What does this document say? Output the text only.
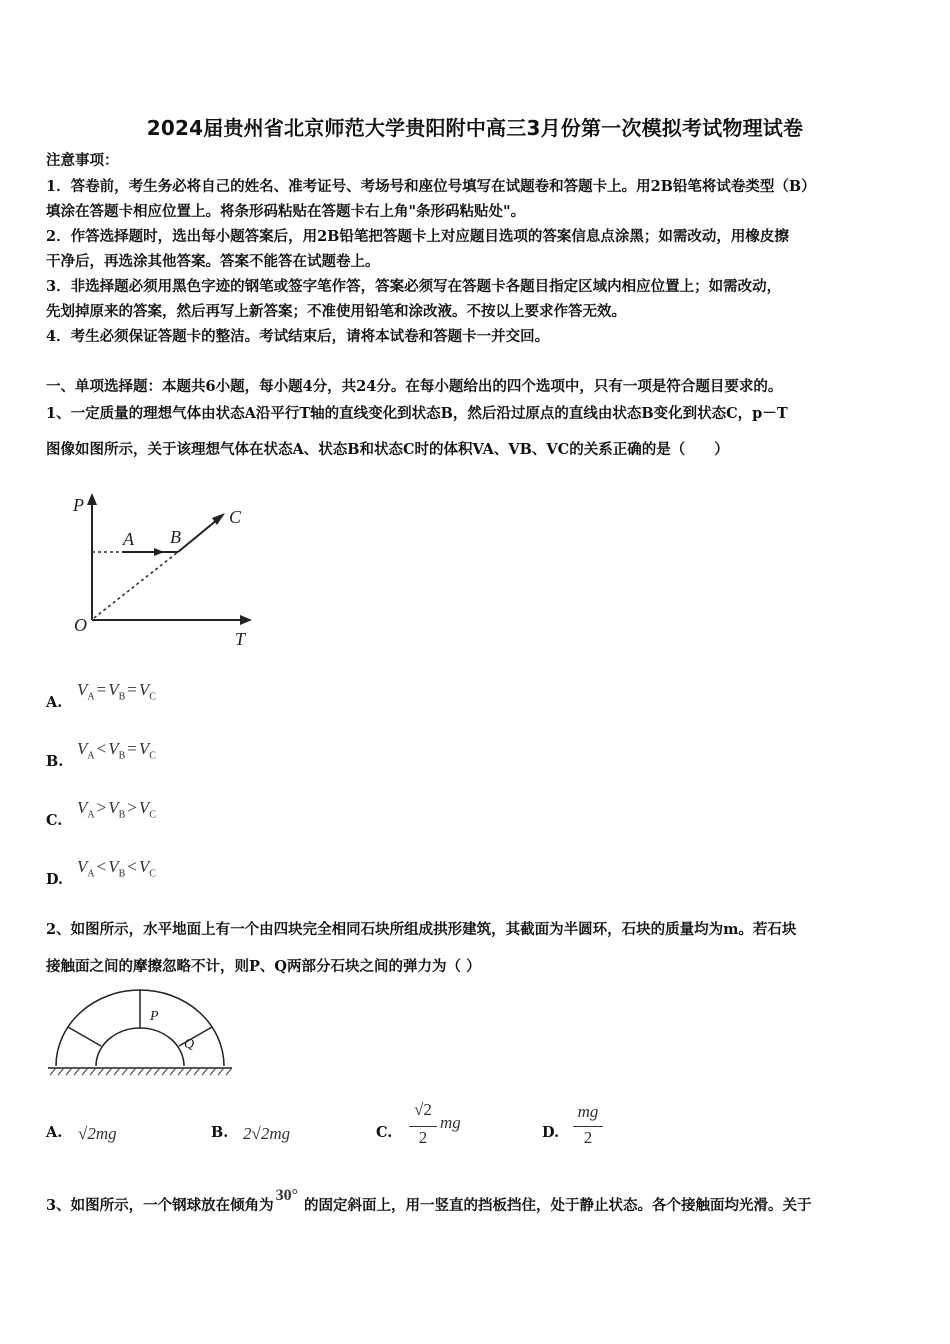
2024届贵州省北京师范大学贵阳附中高三3月份第一次模拟考试物理试卷
注意事项：
1．答卷前，考生务必将自己的姓名、准考证号、考场号和座位号填写在试题卷和答题卡上。用2B铅笔将试卷类型（B）
填涂在答题卡相应位置上。将条形码粘贴在答题卡右上角"条形码粘贴处"。
2．作答选择题时，选出每小题答案后，用2B铅笔把答题卡上对应题目选项的答案信息点涂黑；如需改动，用橡皮擦
干净后，再选涂其他答案。答案不能答在试题卷上。
3．非选择题必须用黑色字迹的钢笔或签字笔作答，答案必须写在答题卡各题目指定区域内相应位置上；如需改动，
先划掉原来的答案，然后再写上新答案；不准使用铅笔和涂改液。不按以上要求作答无效。
4．考生必须保证答题卡的整洁。考试结束后，请将本试卷和答题卡一并交回。
一、单项选择题：本题共6小题，每小题4分，共24分。在每小题给出的四个选项中，只有一项是符合题目要求的。
1、一定质量的理想气体由状态A沿平行T轴的直线变化到状态B，然后沿过原点的直线由状态B变化到状态C，p－T
图像如图所示，关于该理想气体在状态A、状态B和状态C时的体积VA、VB、VC的关系正确的是（　　）
P
T
O
A B
C
A.
$V_A = V_B = V_C$
B.
$V_A < V_B = V_C$
C.
$V_A > V_B > V_C$
D.
$V_A < V_B < V_C$
2、如图所示，水平地面上有一个由四块完全相同石块所组成拱形建筑，其截面为半圆环，石块的质量均为m。若石块
接触面之间的摩擦忽略不计，则P、Q两部分石块之间的弹力为（ ）
P
Q
A. √2mg	B. 2√2mg	C.
√2
2
mg
D.
mg
2
3、如图所示，一个钢球放在倾角为30°的固定斜面上，用一竖直的挡板挡住，处于静止状态。各个接触面均光滑。关于
